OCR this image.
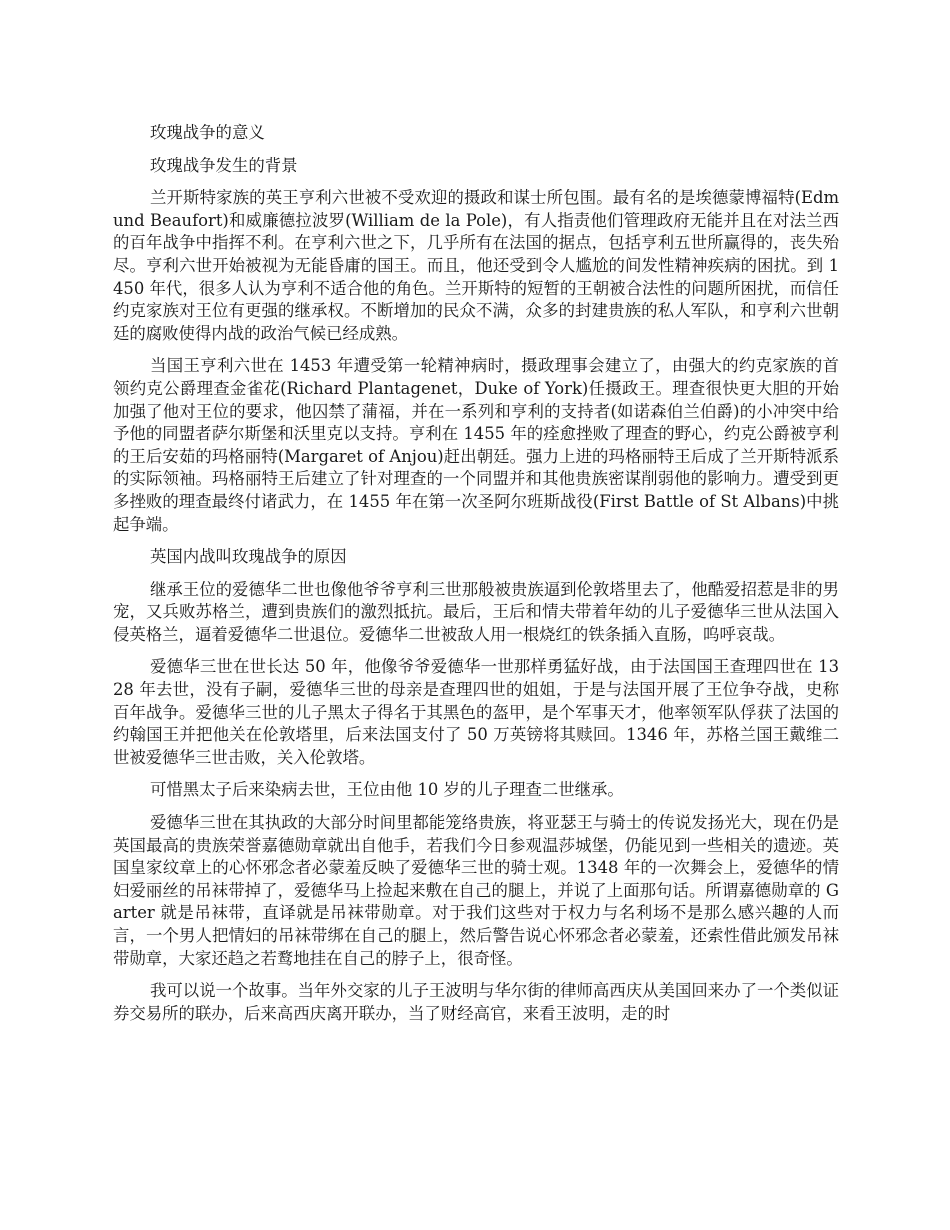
玫瑰战争的意义

玫瑰战争发生的背景

兰开斯特家族的英王亨利六世被不受欢迎的摄政和谋士所包围。最有名的是埃德蒙博福特(Edmund Beaufort)和威廉德拉波罗(William de la Pole)，有人指责他们管理政府无能并且在对法兰西的百年战争中指挥不利。在亨利六世之下，几乎所有在法国的据点，包括亨利五世所赢得的，丧失殆尽。亨利六世开始被视为无能昏庸的国王。而且，他还受到令人尴尬的间发性精神疾病的困扰。到 1450 年代，很多人认为亨利不适合他的角色。兰开斯特的短暂的王朝被合法性的问题所困扰，而信任约克家族对王位有更强的继承权。不断增加的民众不满，众多的封建贵族的私人军队，和亨利六世朝廷的腐败使得内战的政治气候已经成熟。

当国王亨利六世在 1453 年遭受第一轮精神病时，摄政理事会建立了，由强大的约克家族的首领约克公爵理查金雀花(Richard Plantagenet，Duke of York)任摄政王。理查很快更大胆的开始加强了他对王位的要求，他囚禁了蒲福，并在一系列和亨利的支持者(如诺森伯兰伯爵)的小冲突中给予他的同盟者萨尔斯堡和沃里克以支持。亨利在 1455 年的痊愈挫败了理查的野心，约克公爵被亨利的王后安茹的玛格丽特(Margaret of Anjou)赶出朝廷。强力上进的玛格丽特王后成了兰开斯特派系的实际领袖。玛格丽特王后建立了针对理查的一个同盟并和其他贵族密谋削弱他的影响力。遭受到更多挫败的理查最终付诸武力，在 1455 年在第一次圣阿尔班斯战役(First Battle of St Albans)中挑起争端。

英国内战叫玫瑰战争的原因

继承王位的爱德华二世也像他爷爷亨利三世那般被贵族逼到伦敦塔里去了，他酷爱招惹是非的男宠，又兵败苏格兰，遭到贵族们的激烈抵抗。最后，王后和情夫带着年幼的儿子爱德华三世从法国入侵英格兰，逼着爱德华二世退位。爱德华二世被敌人用一根烧红的铁条插入直肠，呜呼哀哉。

爱德华三世在世长达 50 年，他像爷爷爱德华一世那样勇猛好战，由于法国国王查理四世在 1328 年去世，没有子嗣，爱德华三世的母亲是查理四世的姐姐，于是与法国开展了王位争夺战，史称百年战争。爱德华三世的儿子黑太子得名于其黑色的盔甲，是个军事天才，他率领军队俘获了法国的约翰国王并把他关在伦敦塔里，后来法国支付了 50 万英镑将其赎回。1346 年，苏格兰国王戴维二世被爱德华三世击败，关入伦敦塔。

可惜黑太子后来染病去世，王位由他 10 岁的儿子理查二世继承。

爱德华三世在其执政的大部分时间里都能笼络贵族，将亚瑟王与骑士的传说发扬光大，现在仍是英国最高的贵族荣誉嘉德勋章就出自他手，若我们今日参观温莎城堡，仍能见到一些相关的遗迹。英国皇家纹章上的心怀邪念者必蒙羞反映了爱德华三世的骑士观。1348 年的一次舞会上，爱德华的情妇爱丽丝的吊袜带掉了，爱德华马上捡起来敷在自己的腿上，并说了上面那句话。所谓嘉德勋章的 Garter 就是吊袜带，直译就是吊袜带勋章。对于我们这些对于权力与名利场不是那么感兴趣的人而言，一个男人把情妇的吊袜带绑在自己的腿上，然后警告说心怀邪念者必蒙羞，还索性借此颁发吊袜带勋章，大家还趋之若鹜地挂在自己的脖子上，很奇怪。

我可以说一个故事。当年外交家的儿子王波明与华尔街的律师高西庆从美国回来办了一个类似证券交易所的联办，后来高西庆离开联办，当了财经高官，来看王波明，走的时
